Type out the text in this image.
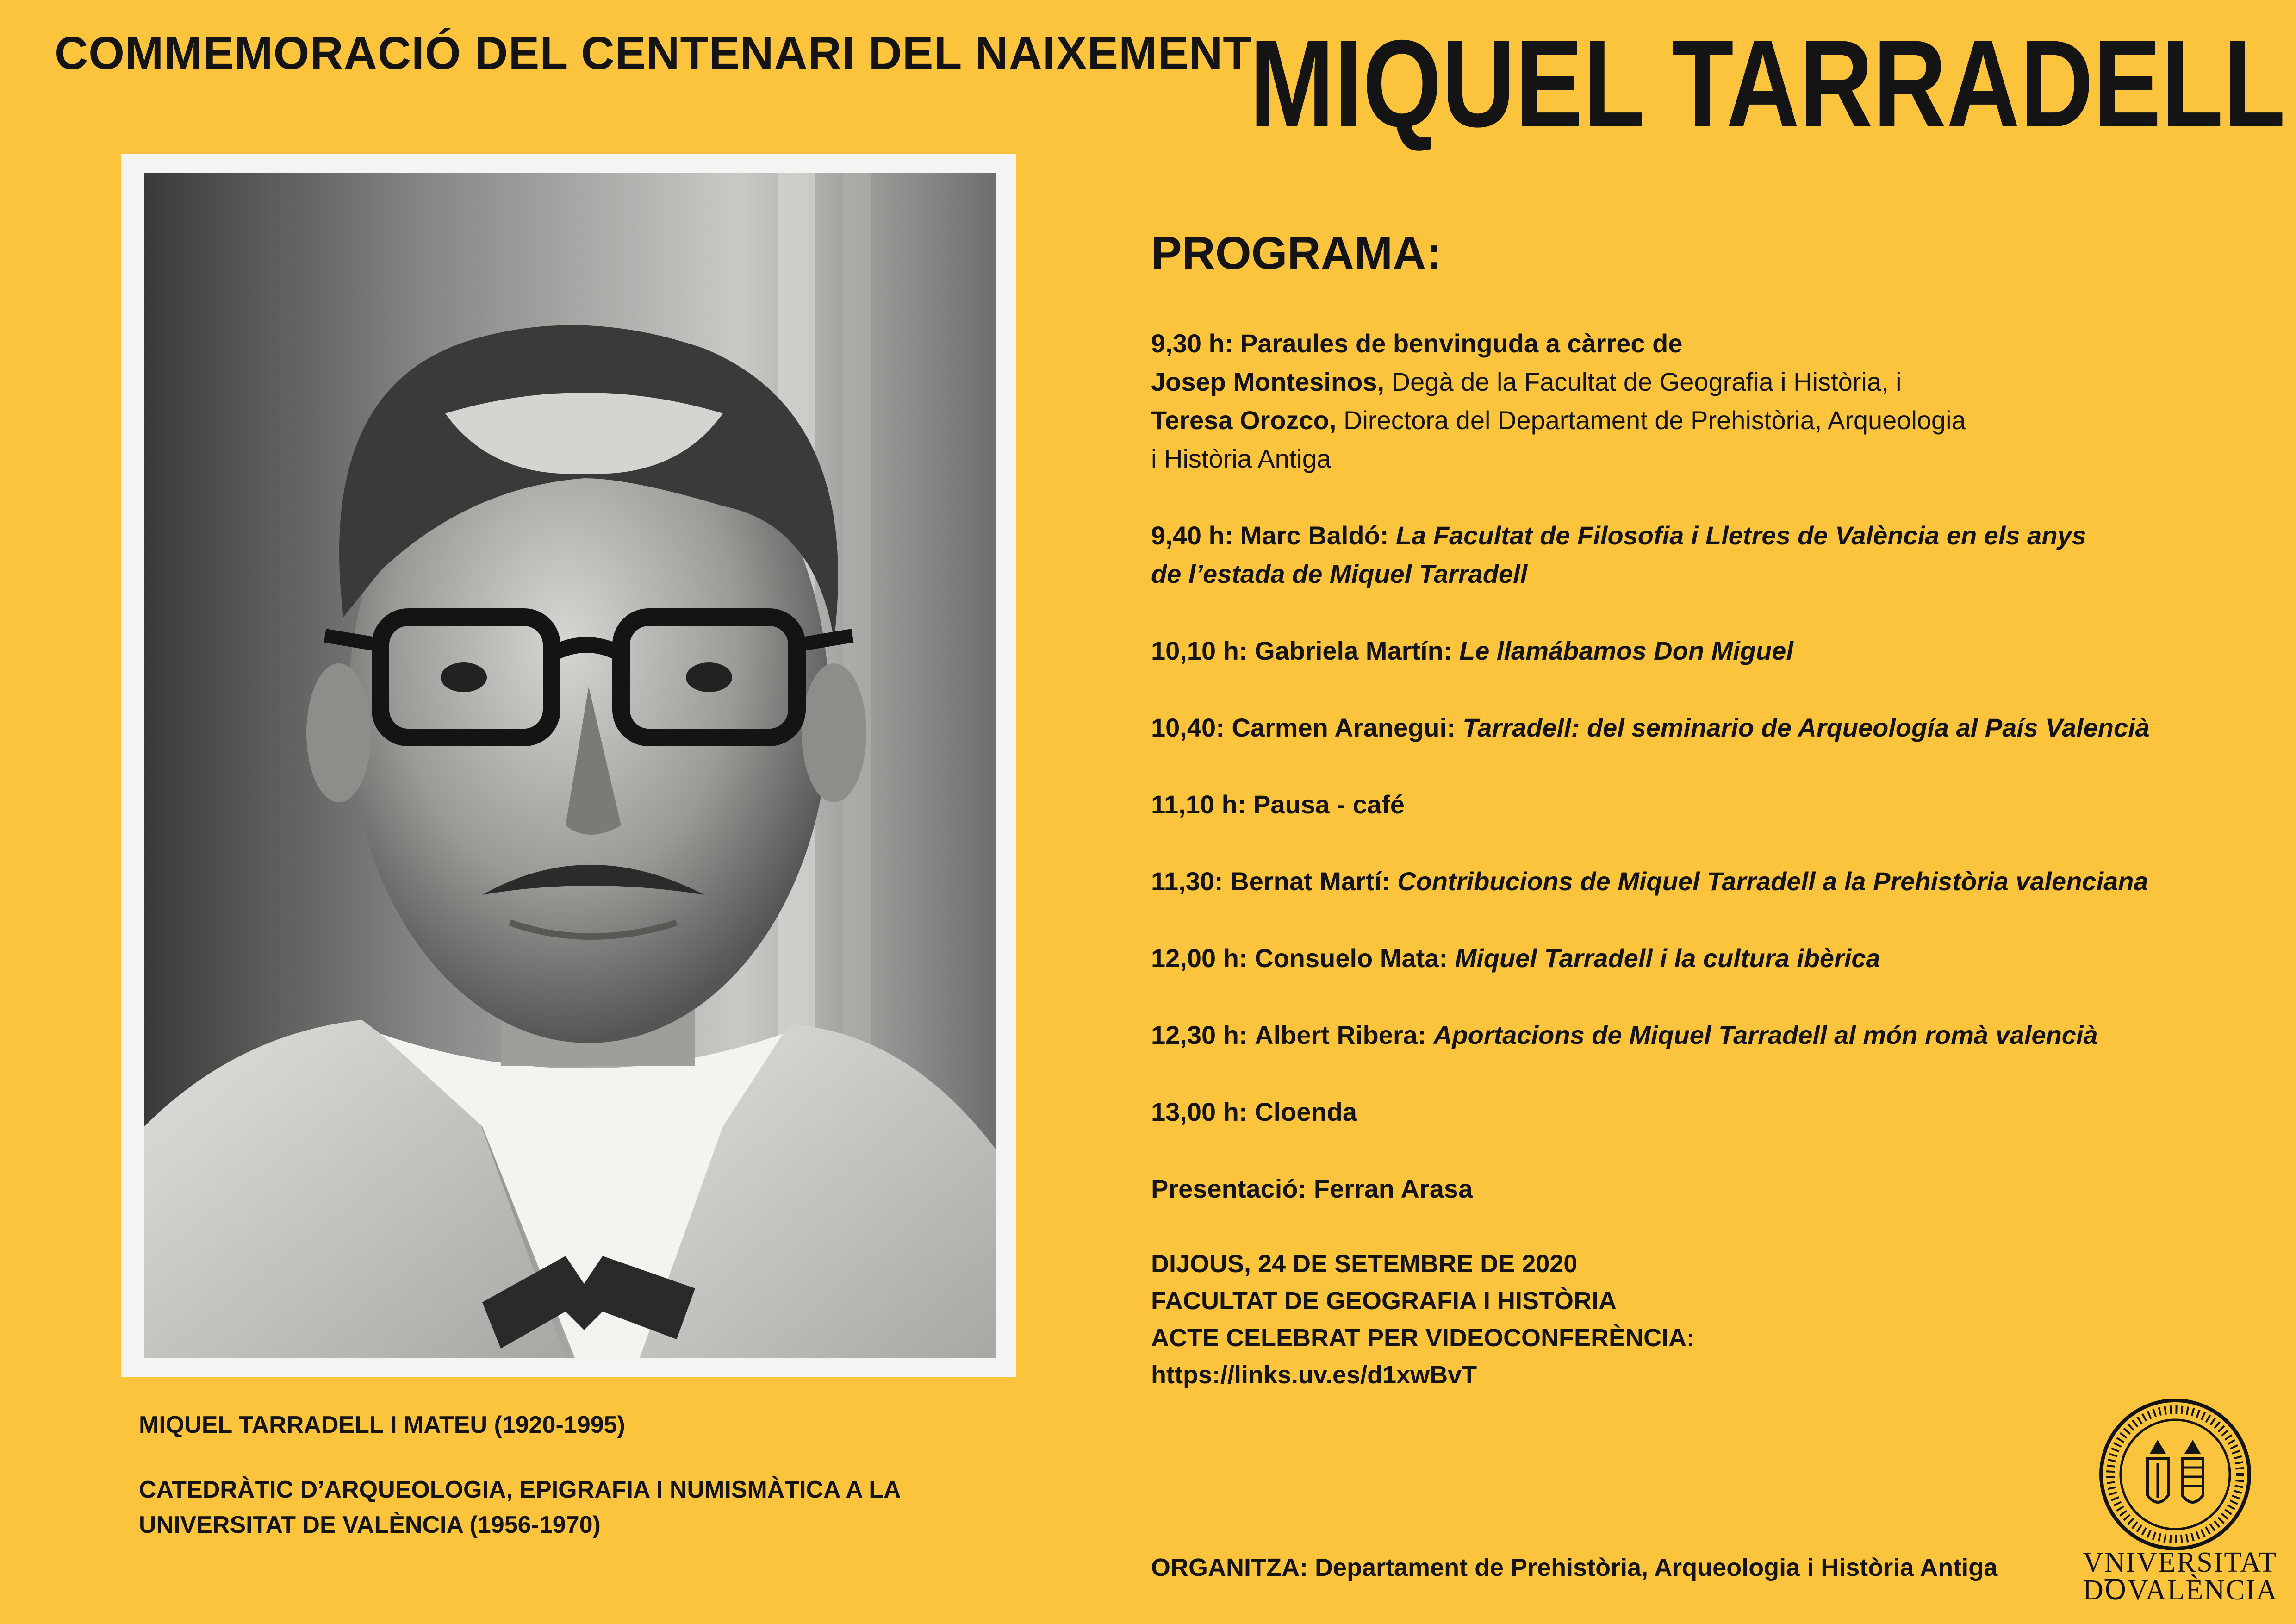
COMMEMORACIÓ DEL CENTENARI DEL NAIXEMENT
MIQUEL TARRADELL
MIQUEL TARRADELL I MATEU (1920-1995)
CATEDRÀTIC D’ARQUEOLOGIA, EPIGRAFIA I NUMISMÀTICA A LA
UNIVERSITAT DE VALÈNCIA (1956-1970)
PROGRAMA:
9,30 h: Paraules de benvinguda a càrrec de
Josep Montesinos, Degà de la Facultat de Geografia i Història, i
Teresa Orozco, Directora del Departament de Prehistòria, Arqueologia
i Història Antiga
9,40 h: Marc Baldó: La Facultat de Filosofia i Lletres de València en els anys
de l’estada de Miquel Tarradell
10,10 h: Gabriela Martín: Le llamábamos Don Miguel
10,40: Carmen Aranegui: Tarradell: del seminario de Arqueología al País Valencià
11,10 h: Pausa - café
11,30: Bernat Martí: Contribucions de Miquel Tarradell a la Prehistòria valenciana
12,00 h: Consuelo Mata: Miquel Tarradell i la cultura ibèrica
12,30 h: Albert Ribera: Aportacions de Miquel Tarradell al món romà valencià
13,00 h: Cloenda
Presentació: Ferran Arasa
DIJOUS, 24 DE SETEMBRE DE 2020
FACULTAT DE GEOGRAFIA I HISTÒRIA
ACTE CELEBRAT PER VIDEOCONFERÈNCIA:
https://links.uv.es/d1xwBvT
ORGANITZA: Departament de Prehistòria, Arqueologia i Història Antiga	VNIVERSITAT
DꝹVALÈNCIA
